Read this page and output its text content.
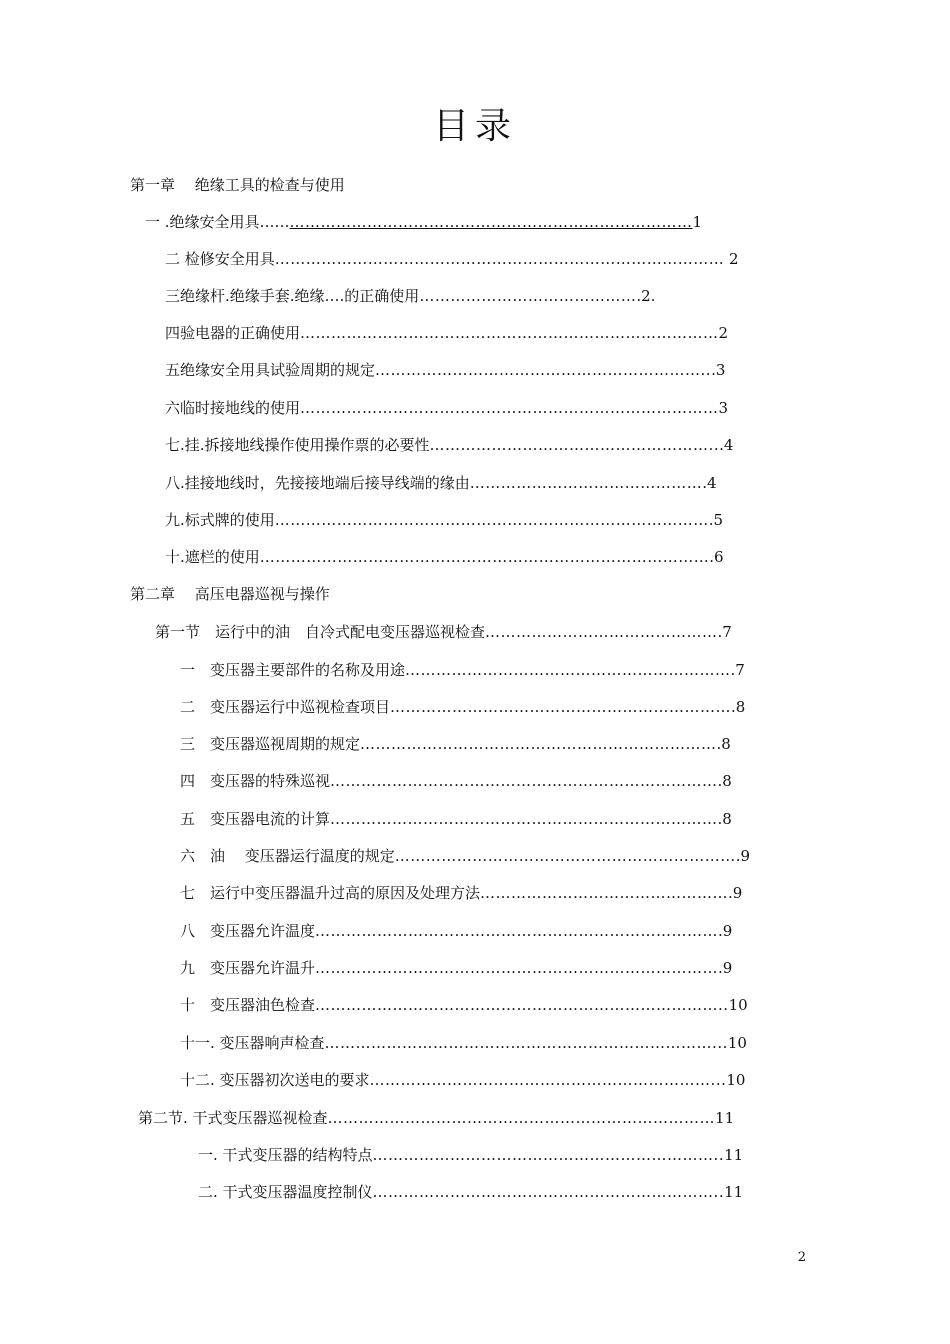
目录
第一章　 绝缘工具的检查与使用
一 .绝缘安全用具…………………………………………………………………………1
二 检修安全用具…………………………………………………………………………… 2
三绝缘杆.绝缘手套.绝缘….的正确使用…………………………………….2.
四验电器的正确使用………………………………………………………………………2
五绝缘安全用具试验周期的规定………………………………………………………...3
六临时接地线的使用………………………………………………………………………3
七.挂.拆接地线操作使用操作票的必要性………………………………………………...4
八.挂接地线时，先接接地端后接导线端的缘由……………………………………….4
九.标式牌的使用………………………………………………………………………….5
十.遮栏的使用…………………………………………………………………………….6
第二章　 高压电器巡视与操作
第一节　运行中的油　自冷式配电变压器巡视检查……………………………………….7
一　变压器主要部件的名称及用途……………………………………………………….7
二　变压器运行中巡视检查项目………………………………………………………….8
三　变压器巡视周期的规定…………………………………………………………….8
四　变压器的特殊巡视………………………………………………………………….8
五　变压器电流的计算………………………………………………………………….8
六　油　 变压器运行温度的规定………………………………………………………….9
七　运行中变压器温升过高的原因及处理方法………………………………………….9
八　变压器允许温度…………………………………………………………………….9
九　变压器允许温升…………………………………………………………………….9
十　变压器油色检查……………………………………………………………………..10
十一. 变压器响声检查…………………………………………………………………...10
十二. 变压器初次送电的要求…………………………………………………………...10
第二节. 干式变压器巡视检查…………………………………………………………………11
一. 干式变压器的结构特点…………………………………………………………..11
二. 干式变压器温度控制仪…………………………………………………………..11
2
